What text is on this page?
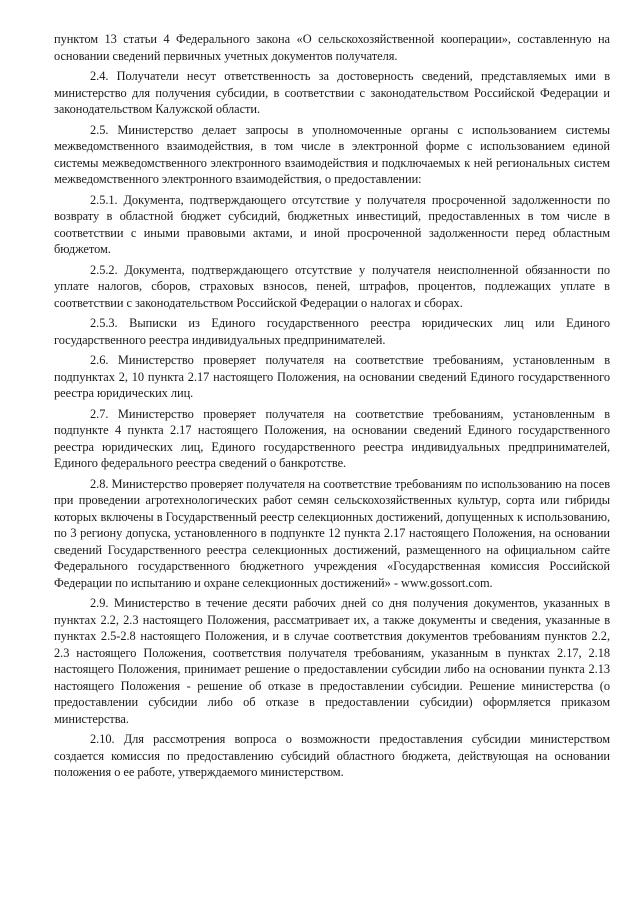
пунктом 13 статьи 4 Федерального закона «О сельскохозяйственной кооперации», составленную на основании сведений первичных учетных документов получателя.

2.4. Получатели несут ответственность за достоверность сведений, представляемых ими в министерство для получения субсидии, в соответствии с законодательством Российской Федерации и законодательством Калужской области.

2.5. Министерство делает запросы в уполномоченные органы с использованием системы межведомственного взаимодействия, в том числе в электронной форме с использованием единой системы межведомственного электронного взаимодействия и подключаемых к ней региональных систем межведомственного электронного взаимодействия, о предоставлении:

2.5.1. Документа, подтверждающего отсутствие у получателя просроченной задолженности по возврату в областной бюджет субсидий, бюджетных инвестиций, предоставленных в том числе в соответствии с иными правовыми актами, и иной просроченной задолженности перед областным бюджетом.

2.5.2. Документа, подтверждающего отсутствие у получателя неисполненной обязанности по уплате налогов, сборов, страховых взносов, пеней, штрафов, процентов, подлежащих уплате в соответствии с законодательством Российской Федерации о налогах и сборах.

2.5.3. Выписки из Единого государственного реестра юридических лиц или Единого государственного реестра индивидуальных предпринимателей.

2.6. Министерство проверяет получателя на соответствие требованиям, установленным в подпунктах 2, 10 пункта 2.17 настоящего Положения, на основании сведений Единого государственного реестра юридических лиц.

2.7. Министерство проверяет получателя на соответствие требованиям, установленным в подпункте 4 пункта 2.17 настоящего Положения, на основании сведений Единого государственного реестра юридических лиц, Единого государственного реестра индивидуальных предпринимателей, Единого федерального реестра сведений о банкротстве.

2.8. Министерство проверяет получателя на соответствие требованиям по использованию на посев при проведении агротехнологических работ семян сельскохозяйственных культур, сорта или гибриды которых включены в Государственный реестр селекционных достижений, допущенных к использованию, по 3 региону допуска, установленного в подпункте 12 пункта 2.17 настоящего Положения, на основании сведений Государственного реестра селекционных достижений, размещенного на официальном сайте Федерального государственного бюджетного учреждения «Государственная комиссия Российской Федерации по испытанию и охране селекционных достижений» - www.gossort.com.

2.9. Министерство в течение десяти рабочих дней со дня получения документов, указанных в пунктах 2.2, 2.3 настоящего Положения, рассматривает их, а также документы и сведения, указанные в пунктах 2.5-2.8 настоящего Положения, и в случае соответствия документов требованиям пунктов 2.2, 2.3 настоящего Положения, соответствия получателя требованиям, указанным в пунктах 2.17, 2.18 настоящего Положения, принимает решение о предоставлении субсидии либо на основании пункта 2.13 настоящего Положения - решение об отказе в предоставлении субсидии. Решение министерства (о предоставлении субсидии либо об отказе в предоставлении субсидии) оформляется приказом министерства.

2.10. Для рассмотрения вопроса о возможности предоставления субсидии министерством создается комиссия по предоставлению субсидий областного бюджета, действующая на основании положения о ее работе, утверждаемого министерством.
